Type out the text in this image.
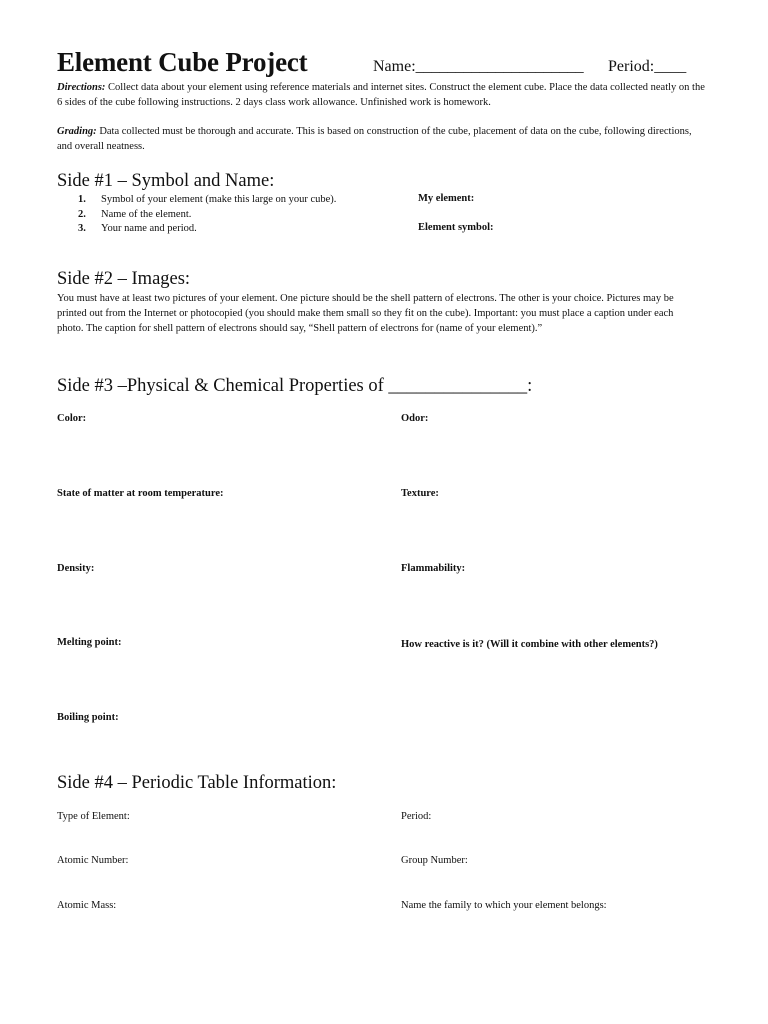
Element Cube Project	Name:_____________________ Period:____
Directions: Collect data about your element using reference materials and internet sites. Construct the element cube. Place the data collected neatly on the 6 sides of the cube following instructions. 2 days class work allowance. Unfinished work is homework.
Grading: Data collected must be thorough and accurate. This is based on construction of the cube, placement of data on the cube, following directions, and overall neatness.
Side #1 – Symbol and Name:
1.	Symbol of your element (make this large on your cube).
2.	Name of the element.
3.	Your name and period.
My element:
Element symbol:
Side #2 – Images:
You must have at least two pictures of your element. One picture should be the shell pattern of electrons. The other is your choice. Pictures may be printed out from the Internet or photocopied (you should make them small so they fit on the cube). Important: you must place a caption under each photo. The caption for shell pattern of electrons should say, “Shell pattern of electrons for (name of your element).”
Side #3 –Physical & Chemical Properties of _______________:
Color:	Odor:
State of matter at room temperature:	Texture:
Density:	Flammability:
Melting point:	How reactive is it? (Will it combine with other elements?)
Boiling point:
Side #4 – Periodic Table Information:
Type of Element:	Period:
Atomic Number:	Group Number:
Atomic Mass:	Name the family to which your element belongs:
